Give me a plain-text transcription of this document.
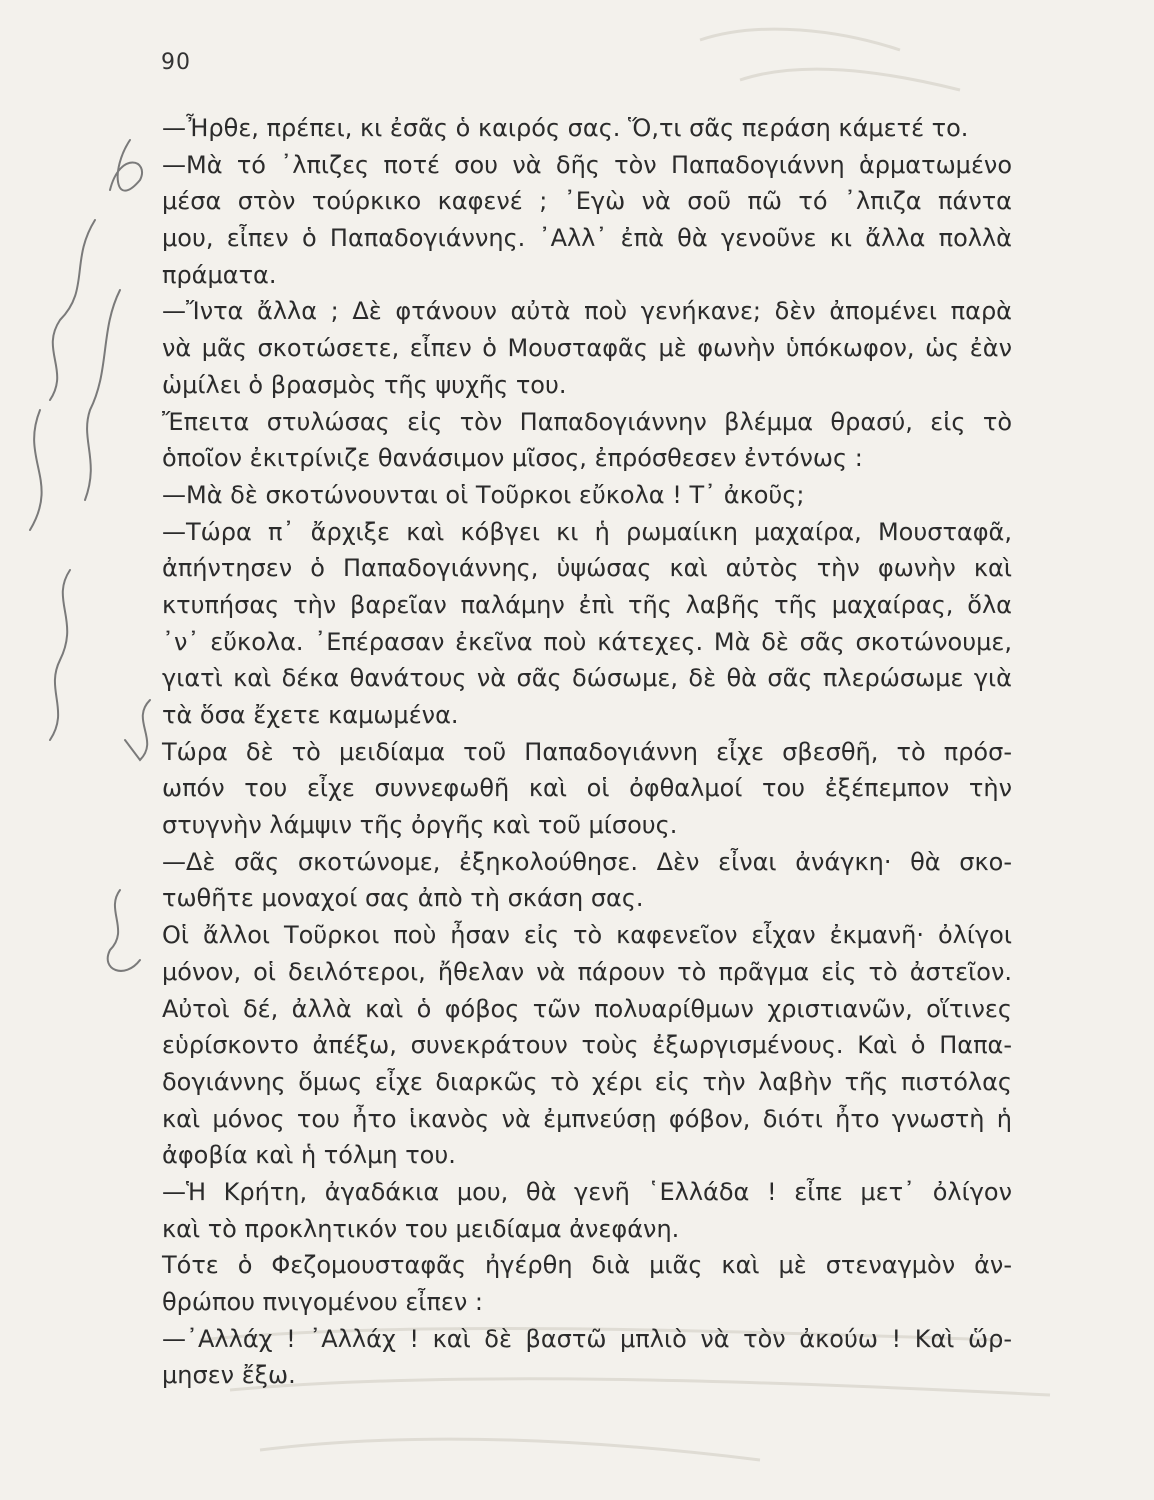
90
—Ἦρθε, πρέπει, κι ἐσᾶς ὁ καιρός σας. Ὅ,τι σᾶς περάση κάμετέ το.
—Μὰ τό ᾿λπιζες ποτέ σου νὰ δῆς τὸν Παπαδογιάννη ἁρματωμένο
μέσα στὸν τούρκικο καφενέ ; ᾿Εγὼ νὰ σοῦ πῶ τό ᾿λπιζα πάντα
μου, εἶπεν ὁ Παπαδογιάννης. ᾿Αλλ᾿ ἐπὰ θὰ γενοῦνε κι ἄλλα πολλὰ
πράματα.
—Ἴντα ἄλλα ; Δὲ φτάνουν αὐτὰ ποὺ γενήκανε; δὲν ἀπομένει παρὰ
νὰ μᾶς σκοτώσετε, εἶπεν ὁ Μουσταφᾶς μὲ φωνὴν ὑπόκωφον, ὡς ἐὰν
ὡμίλει ὁ βρασμὸς τῆς ψυχῆς του.
Ἔπειτα στυλώσας εἰς τὸν Παπαδογιάννην βλέμμα θρασύ, εἰς τὸ
ὁποῖον ἐκιτρίνιζε θανάσιμον μῖσος, ἐπρόσθεσεν ἐντόνως :
—Μὰ δὲ σκοτώνουνται οἱ Τοῦρκοι εὔκολα ! Τ᾿ ἀκοῦς;
—Τώρα π᾿ ἄρχιξε καὶ κόβγει κι ἡ ρωμαίικη μαχαίρα, Μουσταφᾶ,
ἀπήντησεν ὁ Παπαδογιάννης, ὑψώσας καὶ αὐτὸς τὴν φωνὴν καὶ
κτυπήσας τὴν βαρεῖαν παλάμην ἐπὶ τῆς λαβῆς τῆς μαχαίρας, ὅλα
᾿ν᾿ εὔκολα. ᾿Επέρασαν ἐκεῖνα ποὺ κάτεχες. Μὰ δὲ σᾶς σκοτώνουμε,
γιατὶ καὶ δέκα θανάτους νὰ σᾶς δώσωμε, δὲ θὰ σᾶς πλερώσωμε γιὰ
τὰ ὅσα ἔχετε καμωμένα.
Τώρα δὲ τὸ μειδίαμα τοῦ Παπαδογιάννη εἶχε σβεσθῆ, τὸ πρόσ-
ωπόν του εἶχε συννεφωθῆ καὶ οἱ ὀφθαλμοί του ἐξέπεμπον τὴν
στυγνὴν λάμψιν τῆς ὀργῆς καὶ τοῦ μίσους.
—Δὲ σᾶς σκοτώνομε, ἐξηκολούθησε. Δὲν εἶναι ἀνάγκη· θὰ σκο-
τωθῆτε μοναχοί σας ἀπὸ τὴ σκάση σας.
Οἱ ἄλλοι Τοῦρκοι ποὺ ἦσαν εἰς τὸ καφενεῖον εἶχαν ἐκμανῆ· ὀλίγοι
μόνον, οἱ δειλότεροι, ἤθελαν νὰ πάρουν τὸ πρᾶγμα εἰς τὸ ἀστεῖον.
Αὐτοὶ δέ, ἀλλὰ καὶ ὁ φόβος τῶν πολυαρίθμων χριστιανῶν, οἵτινες
εὑρίσκοντο ἀπέξω, συνεκράτουν τοὺς ἐξωργισμένους. Καὶ ὁ Παπα-
δογιάννης ὅμως εἶχε διαρκῶς τὸ χέρι εἰς τὴν λαβὴν τῆς πιστόλας
καὶ μόνος του ἦτο ἱκανὸς νὰ ἐμπνεύσῃ φόβον, διότι ἦτο γνωστὴ ἡ
ἀφοβία καὶ ἡ τόλμη του.
—Ἡ Κρήτη, ἀγαδάκια μου, θὰ γενῆ ῾Ελλάδα ! εἶπε μετ᾿ ὀλίγον
καὶ τὸ προκλητικόν του μειδίαμα ἀνεφάνη.
Τότε ὁ Φεζομουσταφᾶς ἠγέρθη διὰ μιᾶς καὶ μὲ στεναγμὸν ἀν-
θρώπου πνιγομένου εἶπεν :
—᾿Αλλάχ ! ᾿Αλλάχ ! καὶ δὲ βαστῶ μπλιὸ νὰ τὸν ἀκούω ! Καὶ ὥρ-
μησεν ἔξω.
